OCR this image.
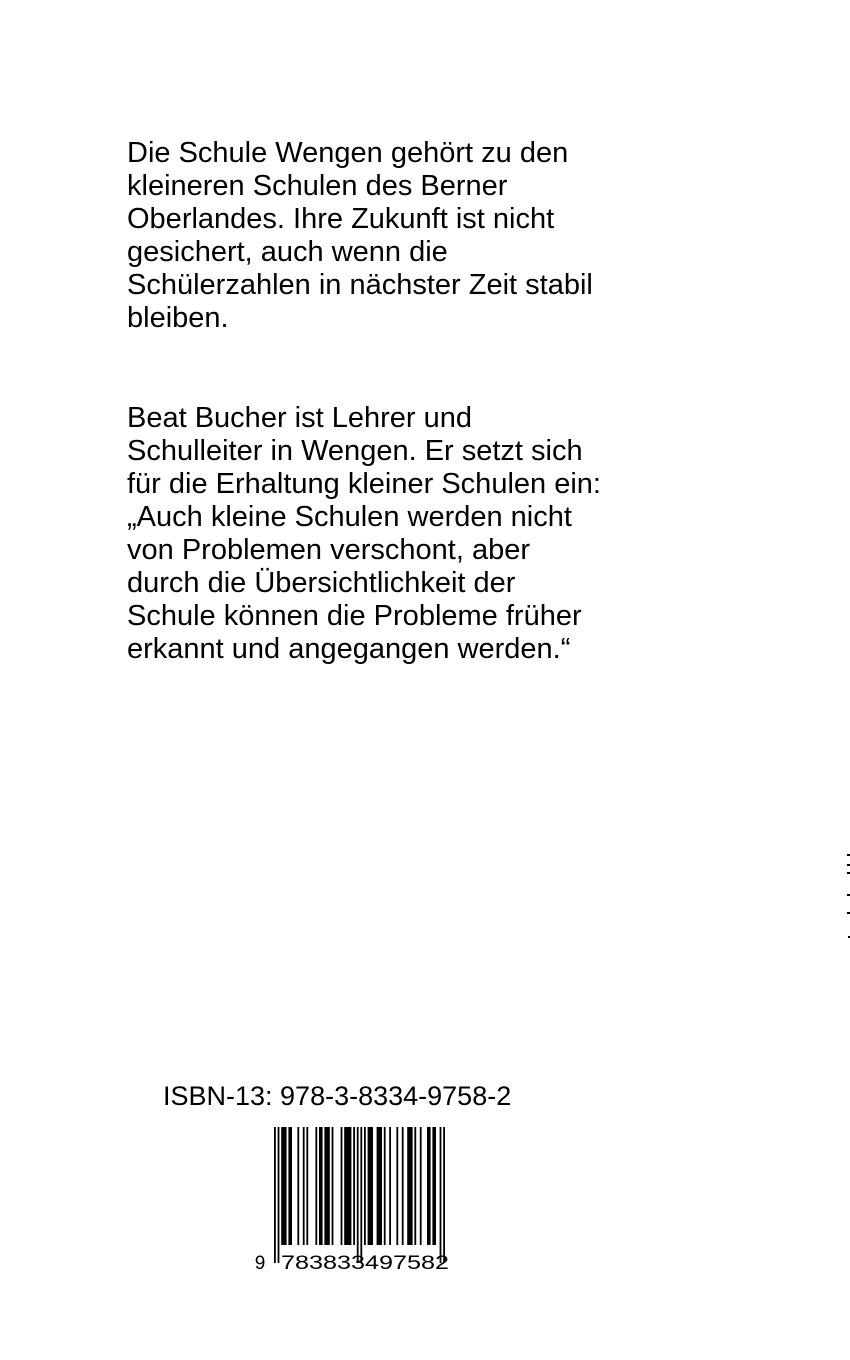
Die Schule Wengen gehört zu den
kleineren Schulen des Berner
Oberlandes. Ihre Zukunft ist nicht
gesichert, auch wenn die
Schülerzahlen in nächster Zeit stabil
bleiben.

Beat Bucher ist Lehrer und
Schulleiter in Wengen. Er setzt sich
für die Erhaltung kleiner Schulen ein:
„Auch kleine Schulen werden nicht
von Problemen verschont, aber
durch die Übersichtlichkeit der
Schule können die Probleme früher
erkannt und angegangen werden.“

ISBN-13: 978-3-8334-9758-2
9 783833497582
